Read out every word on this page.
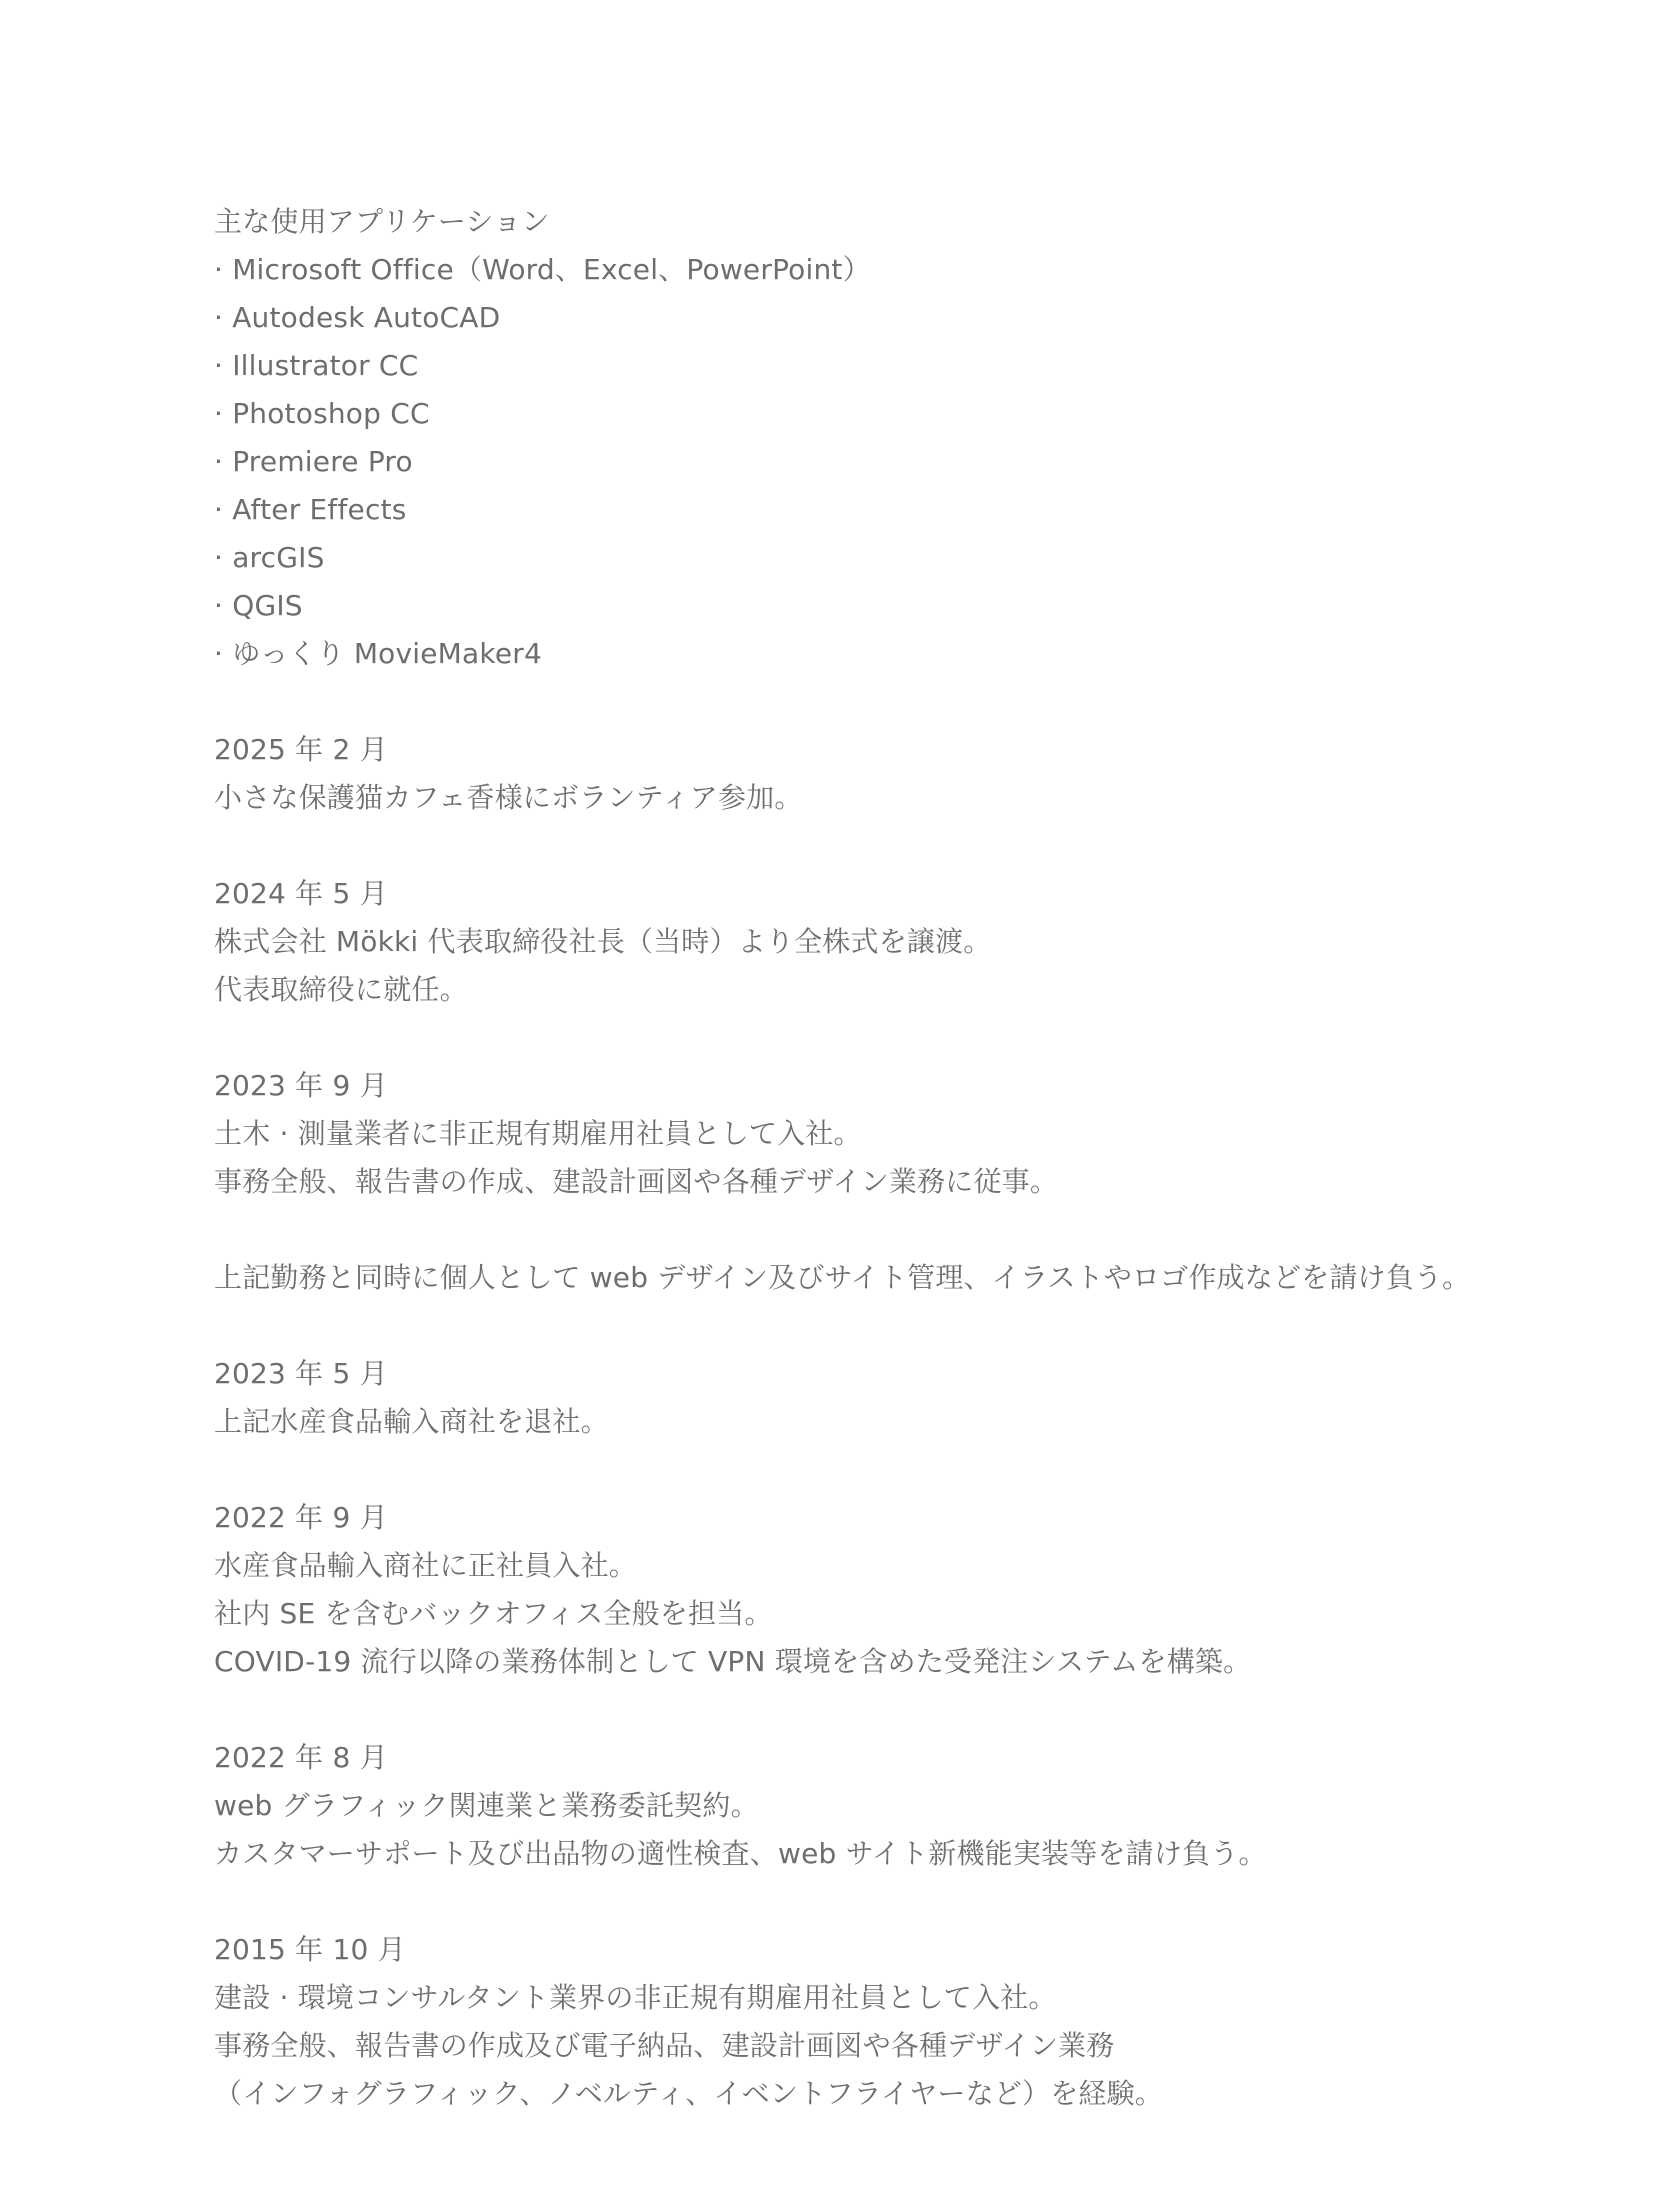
主な使用アプリケーション
· Microsoft Office（Word、Excel、PowerPoint）
· Autodesk AutoCAD
· Illustrator CC
· Photoshop CC
· Premiere Pro
· After Effects
· arcGIS
· QGIS
· ゆっくり MovieMaker4
2025 年 2 月
小さな保護猫カフェ香様にボランティア参加。
2024 年 5 月
株式会社 Mökki 代表取締役社長（当時）より全株式を譲渡。
代表取締役に就任。
2023 年 9 月
土木 · 測量業者に非正規有期雇用社員として入社。
事務全般、報告書の作成、建設計画図や各種デザイン業務に従事。
上記勤務と同時に個人として web デザイン及びサイト管理、イラストやロゴ作成などを請け負う。
2023 年 5 月
上記水産食品輸入商社を退社。
2022 年 9 月
水産食品輸入商社に正社員入社。
社内 SE を含むバックオフィス全般を担当。
COVID-19 流行以降の業務体制として VPN 環境を含めた受発注システムを構築。
2022 年 8 月
web グラフィック関連業と業務委託契約。
カスタマーサポート及び出品物の適性検査、web サイト新機能実装等を請け負う。
2015 年 10 月
建設 · 環境コンサルタント業界の非正規有期雇用社員として入社。
事務全般、報告書の作成及び電子納品、建設計画図や各種デザイン業務
（インフォグラフィック、ノベルティ、イベントフライヤーなど）を経験。
